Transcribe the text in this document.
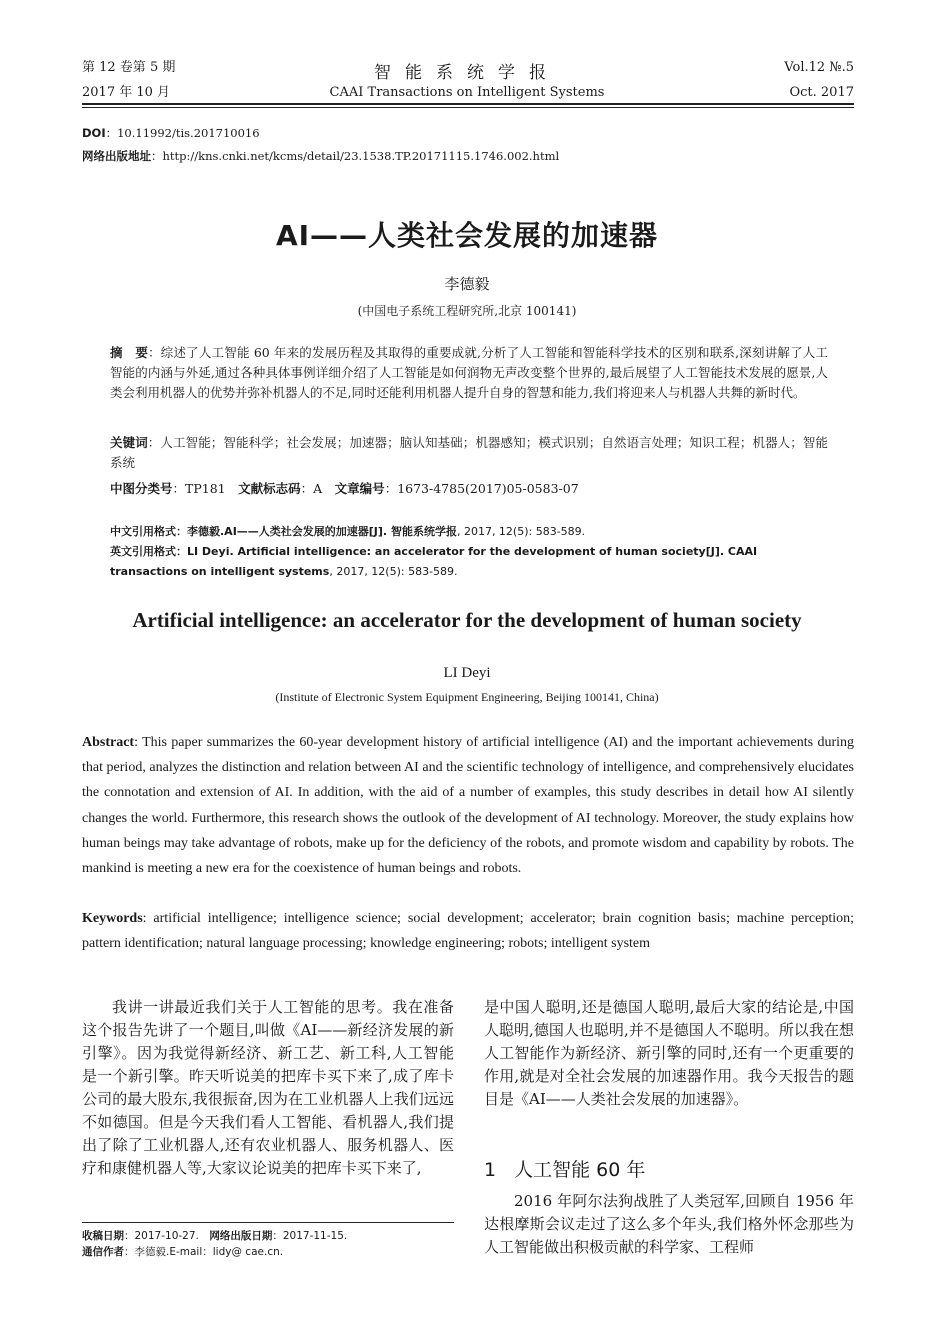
第 12 卷第 5 期
2017 年 10 月
智能系统学报
CAAI Transactions on Intelligent Systems
Vol.12 №.5
Oct. 2017
DOI：10.11992/tis.201710016
网络出版地址：http://kns.cnki.net/kcms/detail/23.1538.TP.20171115.1746.002.html
AI——人类社会发展的加速器
李德毅
(中国电子系统工程研究所,北京 100141)
摘　要：综述了人工智能 60 年来的发展历程及其取得的重要成就,分析了人工智能和智能科学技术的区别和联系,深刻讲解了人工智能的内涵与外延,通过各种具体事例详细介绍了人工智能是如何润物无声改变整个世界的,最后展望了人工智能技术发展的愿景,人类会利用机器人的优势并弥补机器人的不足,同时还能利用机器人提升自身的智慧和能力,我们将迎来人与机器人共舞的新时代。
关键词：人工智能；智能科学；社会发展；加速器；脑认知基础；机器感知；模式识别；自然语言处理；知识工程；机器人；智能系统
中图分类号：TP181  文献标志码：A  文章编号：1673-4785(2017)05-0583-07
中文引用格式：李德毅.AI——人类社会发展的加速器[J]. 智能系统学报, 2017, 12(5): 583-589.
英文引用格式：LI Deyi. Artificial intelligence: an accelerator for the development of human society[J]. CAAI transactions on intelligent systems, 2017, 12(5): 583-589.
Artificial intelligence: an accelerator for the development of human society
LI Deyi
(Institute of Electronic System Equipment Engineering, Beijing 100141, China)
Abstract: This paper summarizes the 60-year development history of artificial intelligence (AI) and the important achievements during that period, analyzes the distinction and relation between AI and the scientific technology of intelligence, and comprehensively elucidates the connotation and extension of AI. In addition, with the aid of a number of examples, this study describes in detail how AI silently changes the world. Furthermore, this research shows the outlook of the development of AI technology. Moreover, the study explains how human beings may take advantage of robots, make up for the deficiency of the robots, and promote wisdom and capability by robots. The mankind is meeting a new era for the coexistence of human beings and robots.
Keywords: artificial intelligence; intelligence science; social development; accelerator; brain cognition basis; machine perception; pattern identification; natural language processing; knowledge engineering; robots; intelligent system

我讲一讲最近我们关于人工智能的思考。我在准备这个报告先讲了一个题目,叫做《AI——新经济发展的新引擎》。因为我觉得新经济、新工艺、新工科,人工智能是一个新引擎。昨天听说美的把库卡买下来了,成了库卡公司的最大股东,我很振奋,因为在工业机器人上我们远远不如德国。但是今天我们看人工智能、看机器人,我们提出了除了工业机器人,还有农业机器人、服务机器人、医疗和康健机器人等,大家议论说美的把库卡买下来了,

是中国人聪明,还是德国人聪明,最后大家的结论是,中国人聪明,德国人也聪明,并不是德国人不聪明。所以我在想人工智能作为新经济、新引擎的同时,还有一个更重要的作用,就是对全社会发展的加速器作用。我今天报告的题目是《AI——人类社会发展的加速器》。

1 人工智能 60 年

2016 年阿尔法狗战胜了人类冠军,回顾自 1956 年达根摩斯会议走过了这么多个年头,我们格外怀念那些为人工智能做出积极贡献的科学家、工程师

收稿日期：2017-10-27.  网络出版日期：2017-11-15.
通信作者：李德毅.E-mail：lidy@ cae.cn.
